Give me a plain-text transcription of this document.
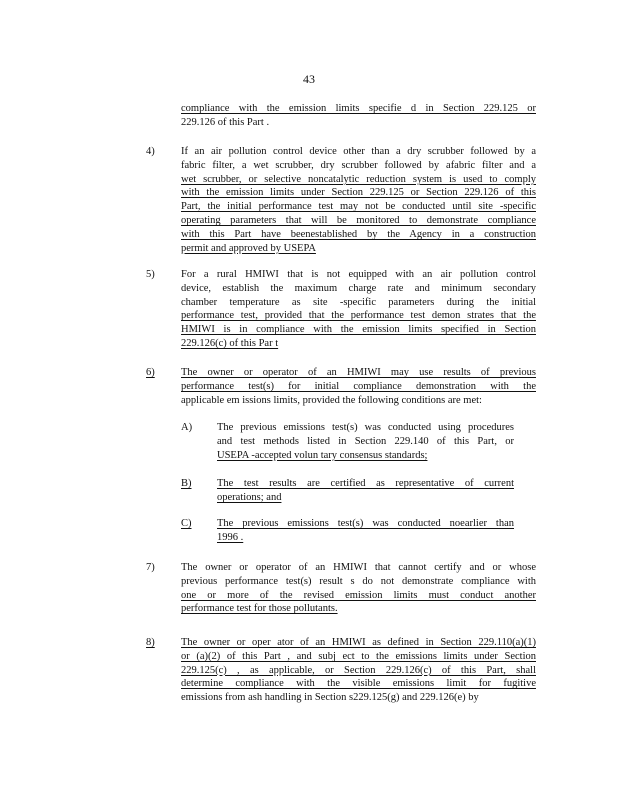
43
compliance with the emission limits specifie d in Section 229.125 or
229.126 of this Part .
4)	If an air pollution control device other than a dry scrubber followed by a
fabric filter, a wet scrubber, dry scrubber followed by afabric filter and a
wet scrubber, or selective noncatalytic reduction system is used to comply
with the emission limits under Section 229.125 or Section 229.126 of this
Part, the initial performance test may not be conducted until site -specific
operating parameters that will be monitored to demonstrate compliance
with this Part have beenestablished by the Agency in a construction
permit and approved by USEPA
5)	For a rural HMIWI that is not equipped with an air pollution control
device, establish the maximum charge rate and minimum secondary
chamber temperature as site -specific parameters during the initial
performance test, provided that the performance test demon strates that the
HMIWI is in compliance with the emission limits specified in Section
229.126(c) of this Par t
6)	The owner or operator of an HMIWI may use results of previous
performance test(s) for initial compliance demonstration with the
applicable em issions limits, provided the following conditions are met:
7)	The owner or operator of an HMIWI that cannot certify and or whose
previous performance test(s) result s do not demonstrate compliance with
one or more of the revised emission limits must conduct another
performance test for those pollutants.
8)	The owner or oper ator of an HMIWI as defined in Section 229.110(a)(1)
or (a)(2) of this Part , and subj ect to the emissions limits under Section
229.125(c) , as applicable, or Section 229.126(c) of this Part, shall
determine compliance with the visible emissions limit for fugitive
emissions from ash handling in Section s229.125(g) and 229.126(e) by
A) The previous emissions test(s) was conducted using procedures
and test methods listed in Section 229.140 of this Part, or
USEPA -accepted volun tary consensus standards;
B) The test results are certified as representative of current
operations; and
C) The previous emissions test(s) was conducted noearlier than
1996 .
